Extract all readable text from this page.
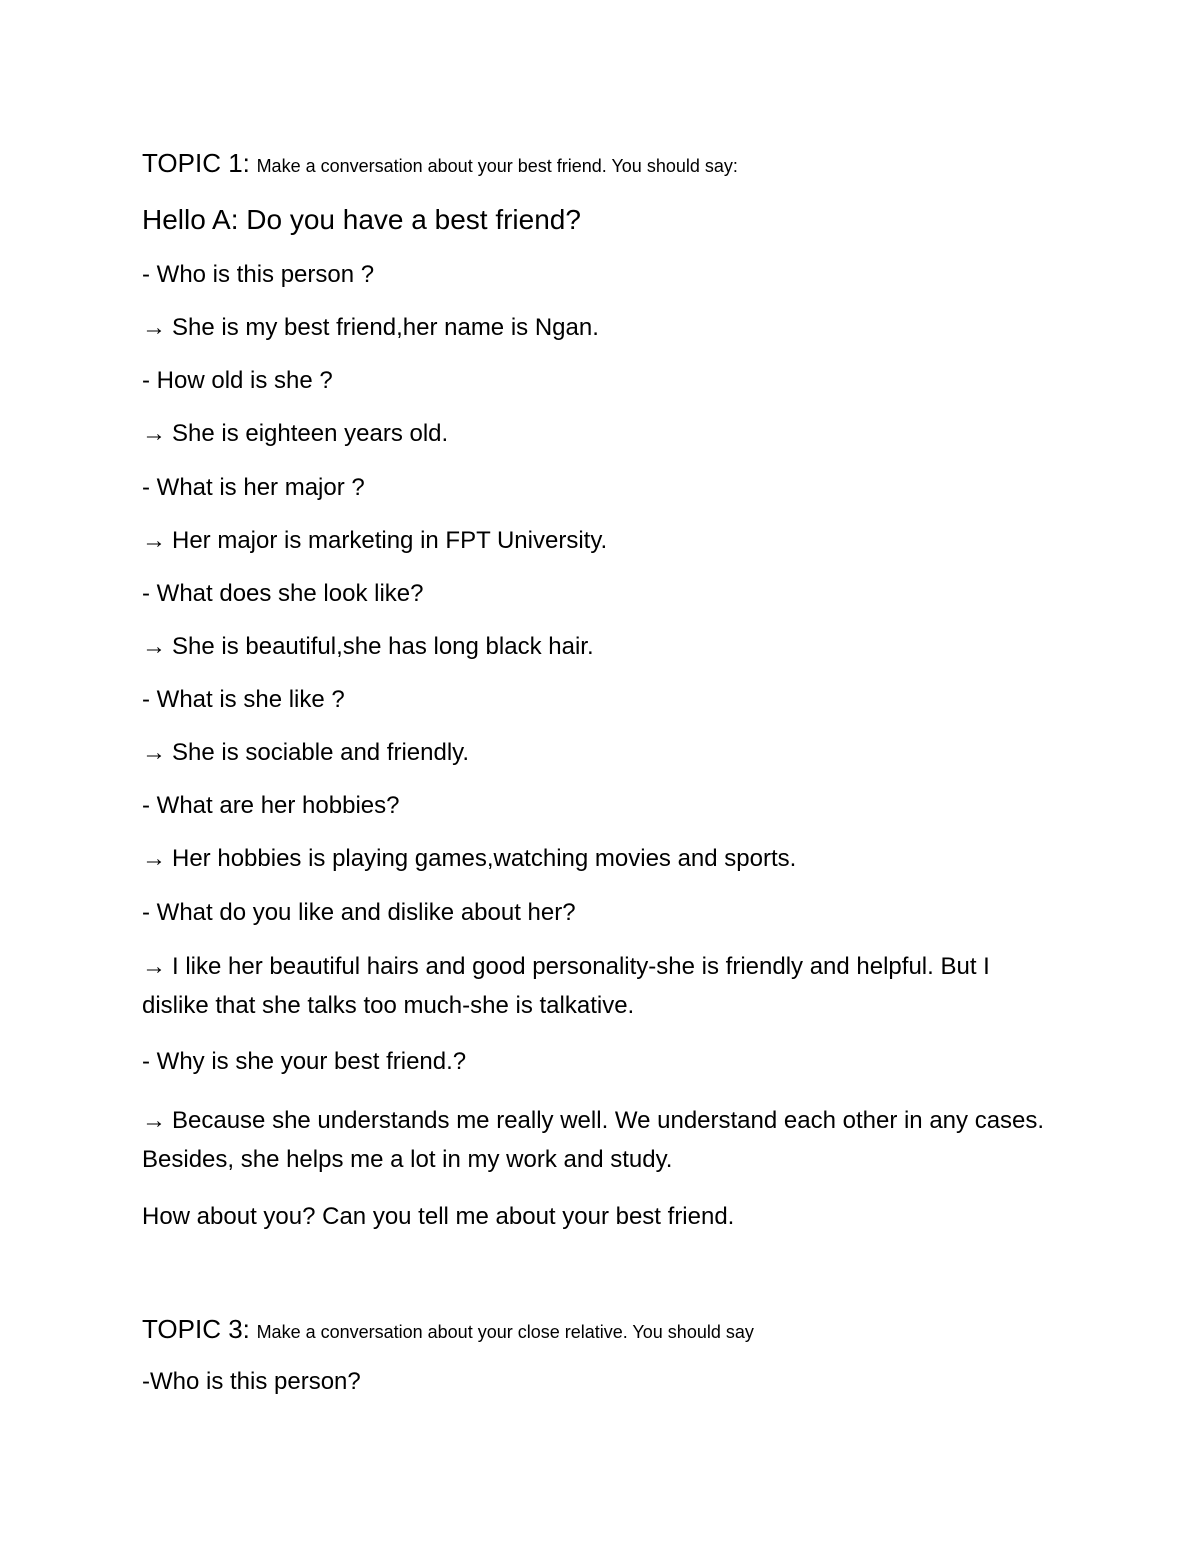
TOPIC 1: Make a conversation about your best friend. You should say:
Hello A: Do you have a best friend?
- Who is this person ?
→ She is my best friend,her name is Ngan.
- How old is she ?
→ She is eighteen years old.
- What is her major ?
→ Her major is marketing in FPT University.
- What does she look like?
→ She is beautiful,she has long black hair.
- What is she like ?
→ She is sociable and friendly.
- What are her hobbies?
→ Her hobbies is playing games,watching movies and sports.
- What do you like and dislike about her?
→ I like her beautiful hairs and good personality-she is friendly and helpful. But I dislike that she talks too much-she is talkative.
- Why is she your best friend.?
→ Because she understands me really well. We understand each other in any cases. Besides, she helps me a lot in my work and study.
How about you? Can you tell me about your best friend.
TOPIC 3: Make a conversation about your close relative. You should say
-Who is this person?
